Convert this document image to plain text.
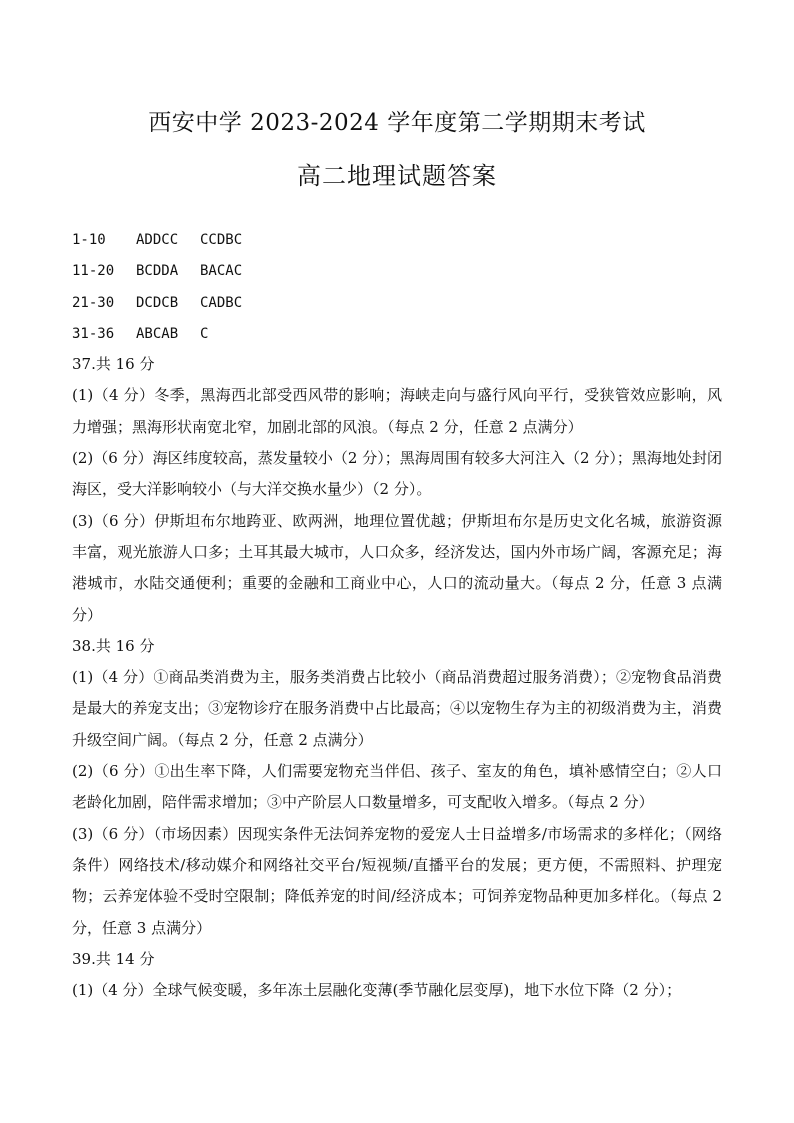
西安中学 2023-2024 学年度第二学期期末考试
高二地理试题答案
1-10 ADDCC CCDBC
11-20 BCDDA BACAC
21-30 DCDCB CADBC
31-36 ABCAB C
37.共 16 分
(1)（4 分）冬季，黑海西北部受西风带的影响；海峡走向与盛行风向平行，受狭管效应影响，风力增强；黑海形状南宽北窄，加剧北部的风浪。（每点 2 分，任意 2 点满分）
(2)（6 分）海区纬度较高，蒸发量较小（2 分）；黑海周围有较多大河注入（2 分）；黑海地处封闭海区，受大洋影响较小（与大洋交换水量少）（2 分）。
(3)（6 分）伊斯坦布尔地跨亚、欧两洲，地理位置优越；伊斯坦布尔是历史文化名城，旅游资源丰富，观光旅游人口多；土耳其最大城市，人口众多，经济发达，国内外市场广阔，客源充足；海港城市，水陆交通便利；重要的金融和工商业中心，人口的流动量大。（每点 2 分，任意 3 点满分）
38.共 16 分
(1)（4 分）①商品类消费为主，服务类消费占比较小（商品消费超过服务消费）；②宠物食品消费是最大的养宠支出；③宠物诊疗在服务消费中占比最高；④以宠物生存为主的初级消费为主，消费升级空间广阔。（每点 2 分，任意 2 点满分）
(2)（6 分）①出生率下降，人们需要宠物充当伴侣、孩子、室友的角色，填补感情空白；②人口老龄化加剧，陪伴需求增加；③中产阶层人口数量增多，可支配收入增多。（每点 2 分）
(3)（6 分）（市场因素）因现实条件无法饲养宠物的爱宠人士日益增多/市场需求的多样化；（网络条件）网络技术/移动媒介和网络社交平台/短视频/直播平台的发展；更方便，不需照料、护理宠物；云养宠体验不受时空限制；降低养宠的时间/经济成本；可饲养宠物品种更加多样化。（每点 2 分，任意 3 点满分）
39.共 14 分
(1)（4 分）全球气候变暖，多年冻土层融化变薄(季节融化层变厚)，地下水位下降（2 分）；
